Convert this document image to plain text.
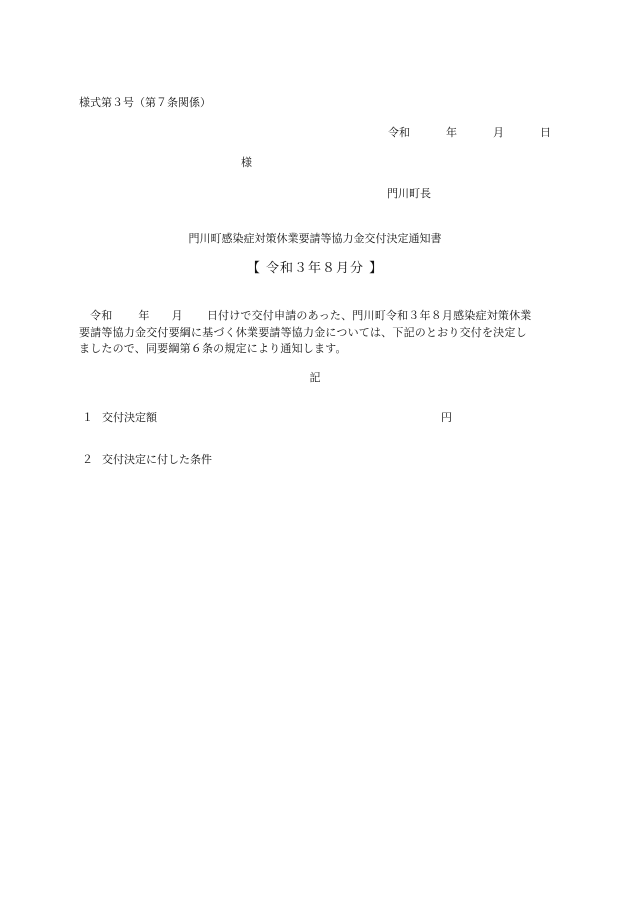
様式第３号（第７条関係）
令和	年	月	日
様
門川町長
門川町感染症対策休業要請等協力金交付決定通知書
【 令和３年８月分 】
令和 年 月 日付けで交付申請のあった、門川町令和３年８月感染症対策休業
要請等協力金交付要綱に基づく休業要請等協力金については、下記のとおり交付を決定し
ましたので、同要綱第６条の規定により通知します。
記
１ 交付決定額	円
２ 交付決定に付した条件
